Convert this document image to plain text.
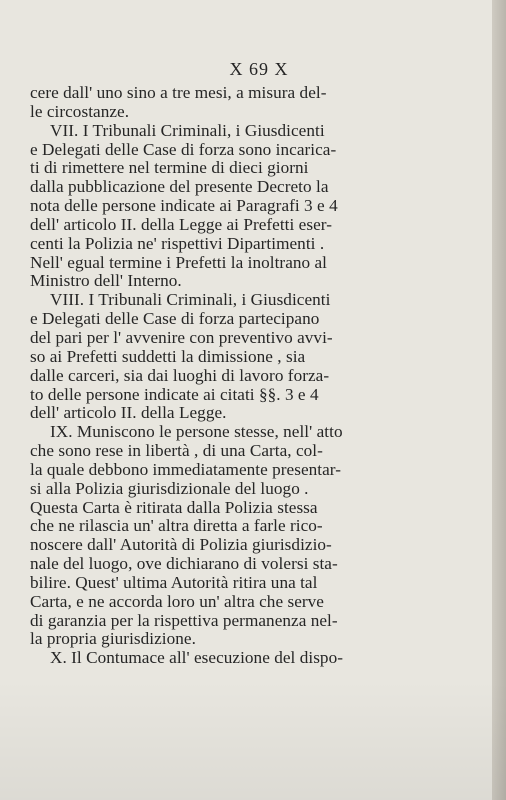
X 69 X
cere dall' uno sino a tre mesi, a misura del-
le circostanze.
VII. I Tribunali Criminali, i Giusdicenti
e Delegati delle Case di forza sono incarica-
ti di rimettere nel termine di dieci giorni
dalla pubblicazione del presente Decreto la
nota delle persone indicate ai Paragrafi 3 e 4
dell' articolo II. della Legge ai Prefetti eser-
centi la Polizia ne' rispettivi Dipartimenti .
Nell' egual termine i Prefetti la inoltrano al
Ministro dell' Interno.
VIII. I Tribunali Criminali, i Giusdicenti
e Delegati delle Case di forza partecipano
del pari per l' avvenire con preventivo avvi-
so ai Prefetti suddetti la dimissione , sia
dalle carceri, sia dai luoghi di lavoro forza-
to delle persone indicate ai citati §§. 3 e 4
dell' articolo II. della Legge.
IX. Muniscono le persone stesse, nell' atto
che sono rese in libertà , di una Carta, col-
la quale debbono immediatamente presentar-
si alla Polizia giurisdizionale del luogo .
Questa Carta è ritirata dalla Polizia stessa
che ne rilascia un' altra diretta a farle rico-
noscere dall' Autorità di Polizia giurisdizio-
nale del luogo, ove dichiarano di volersi sta-
bilire. Quest' ultima Autorità ritira una tal
Carta, e ne accorda loro un' altra che serve
di garanzia per la rispettiva permanenza nel-
la propria giurisdizione.
X. Il Contumace all' esecuzione del dispo-
